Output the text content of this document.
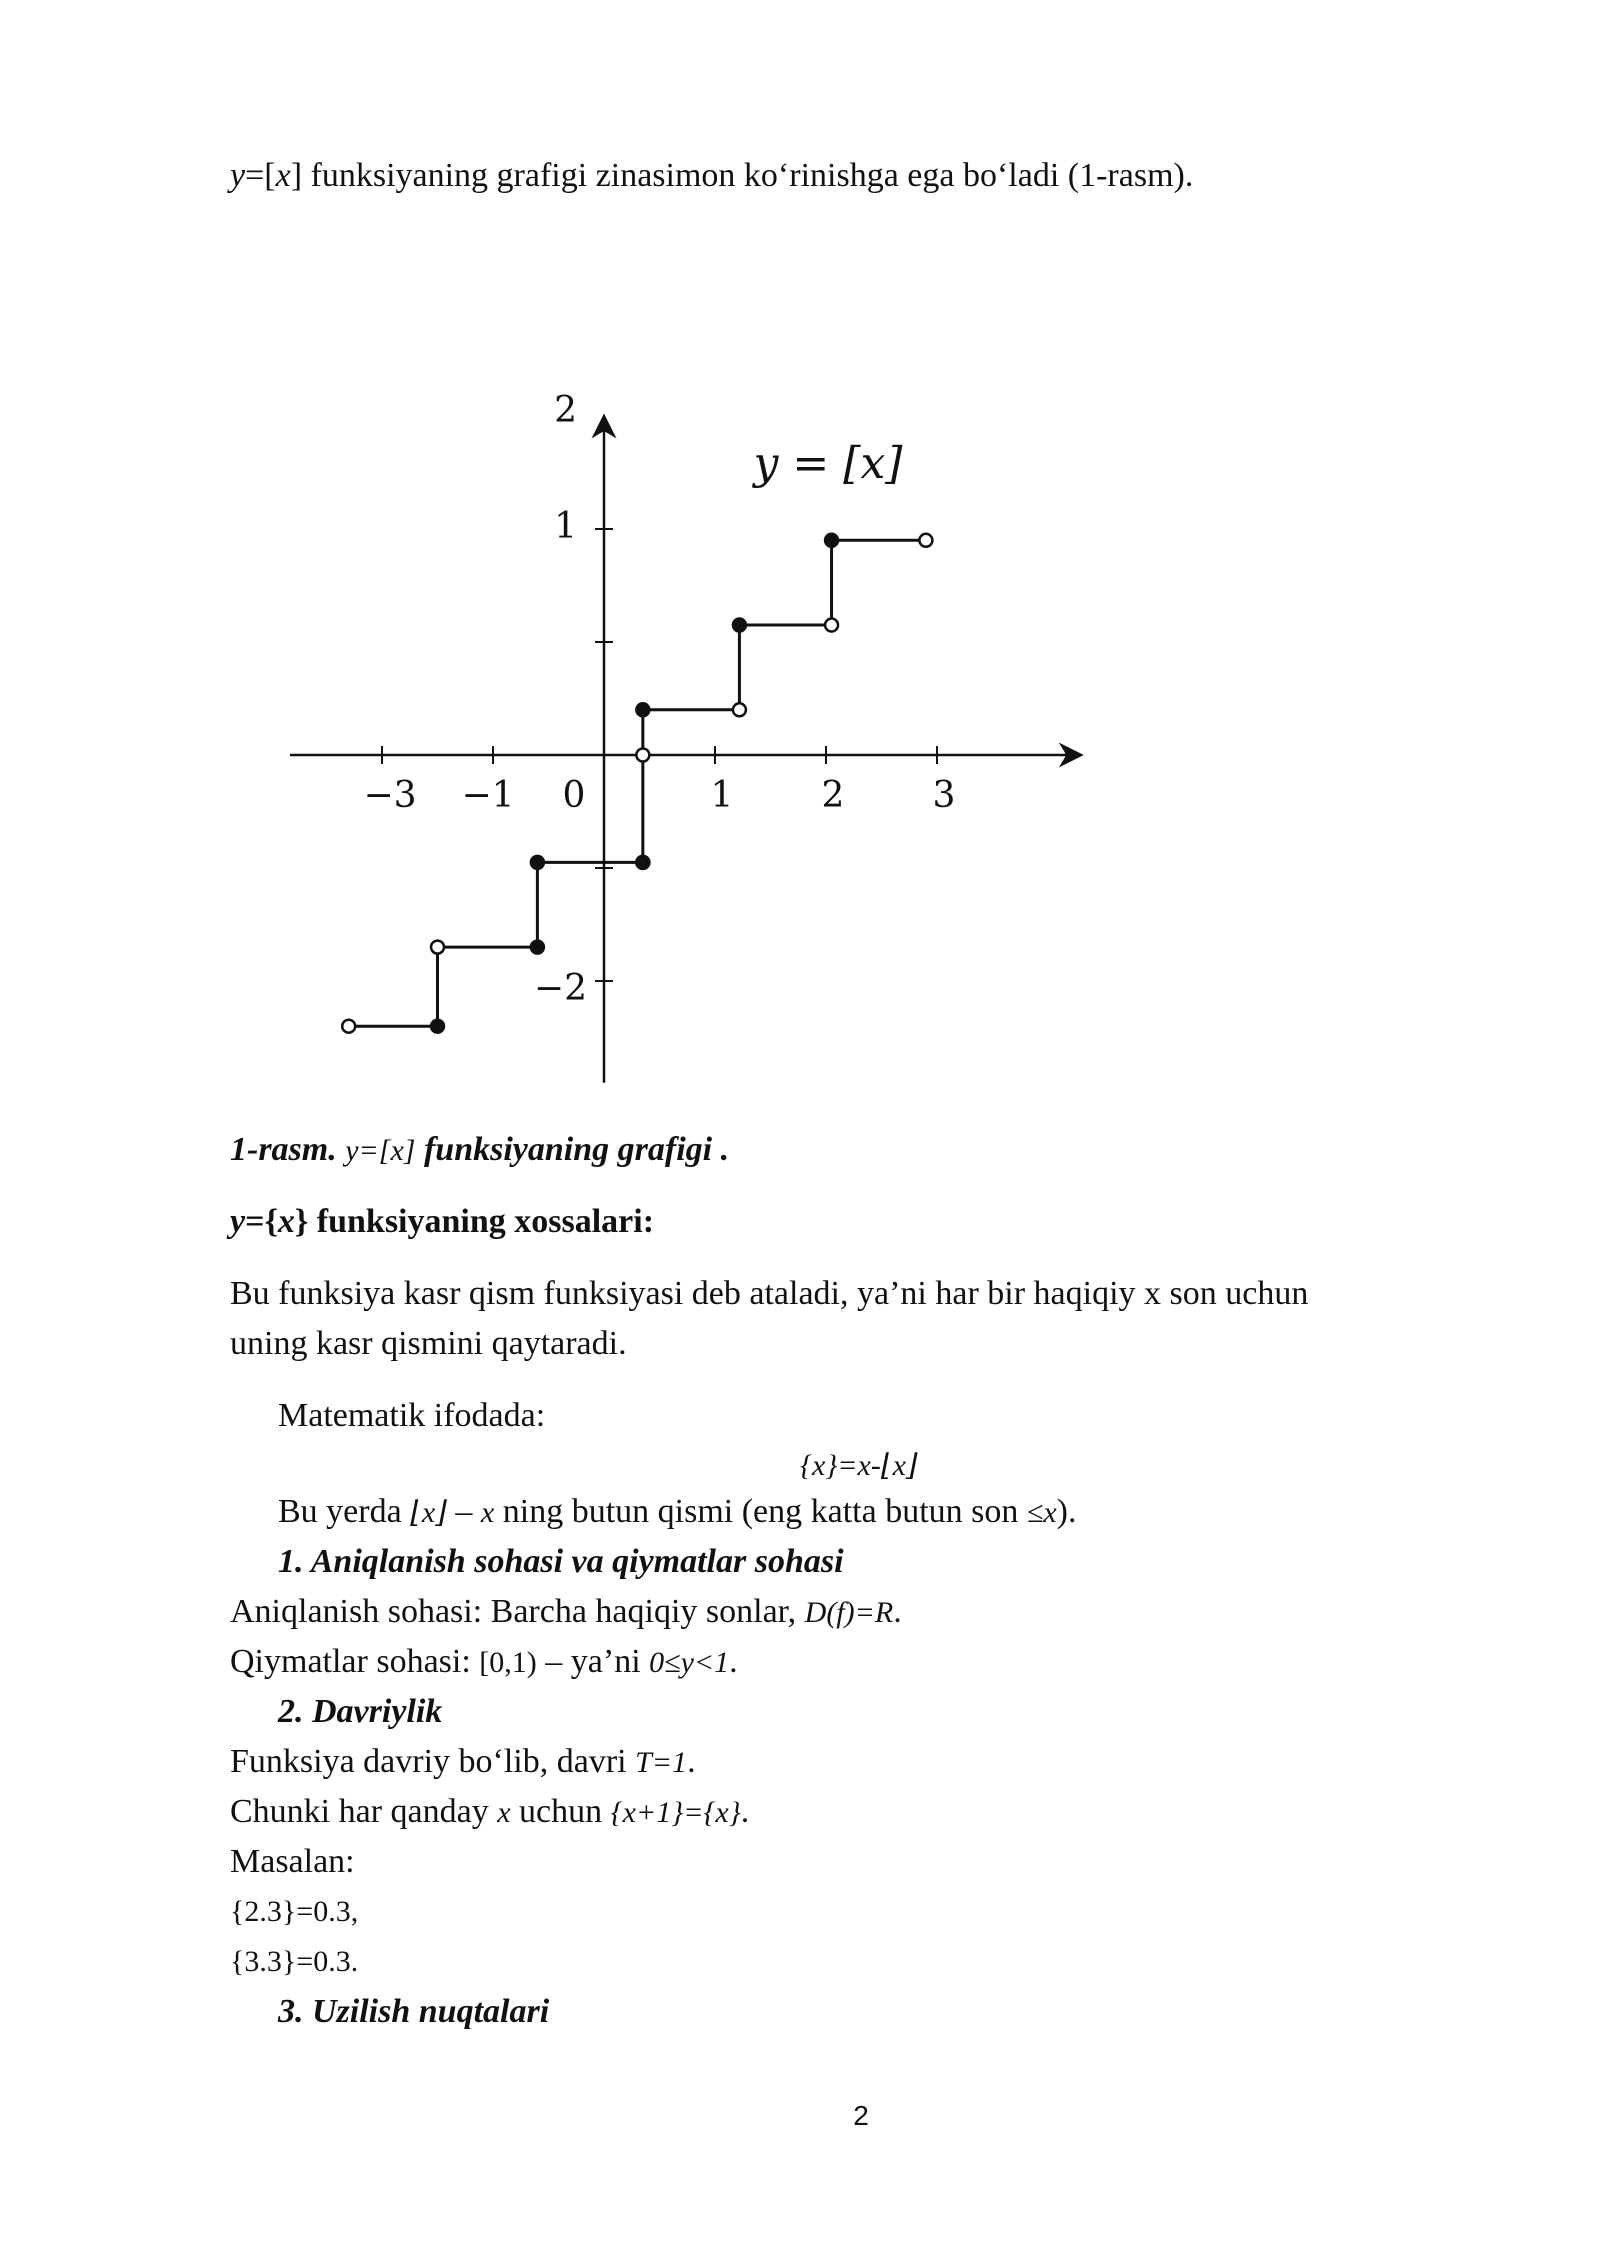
y=[x] funksiyaning grafigi zinasimon ko‘rinishga ega bo‘ladi (1-rasm).
−3 −1 0	1 2 3
2
1
−2
y = [x]
1-rasm. y=[x] funksiyaning grafigi .
y={x} funksiyaning xossalari:
Bu funksiya kasr qism funksiyasi deb ataladi, ya’ni har bir haqiqiy x son uchun
uning kasr qismini qaytaradi.
Matematik ifodada:
{x}=x-⌊x⌋
Bu yerda ⌊x⌋ – x ning butun qismi (eng katta butun son ≤x).
1. Aniqlanish sohasi va qiymatlar sohasi
Aniqlanish sohasi: Barcha haqiqiy sonlar, D(f)=R.
Qiymatlar sohasi: [0,1) – ya’ni 0≤y<1.
2. Davriylik
Funksiya davriy bo‘lib, davri T=1.
Chunki har qanday x uchun {x+1}={x}.
Masalan:
{2.3}=0.3,
{3.3}=0.3.
3. Uzilish nuqtalari
2
